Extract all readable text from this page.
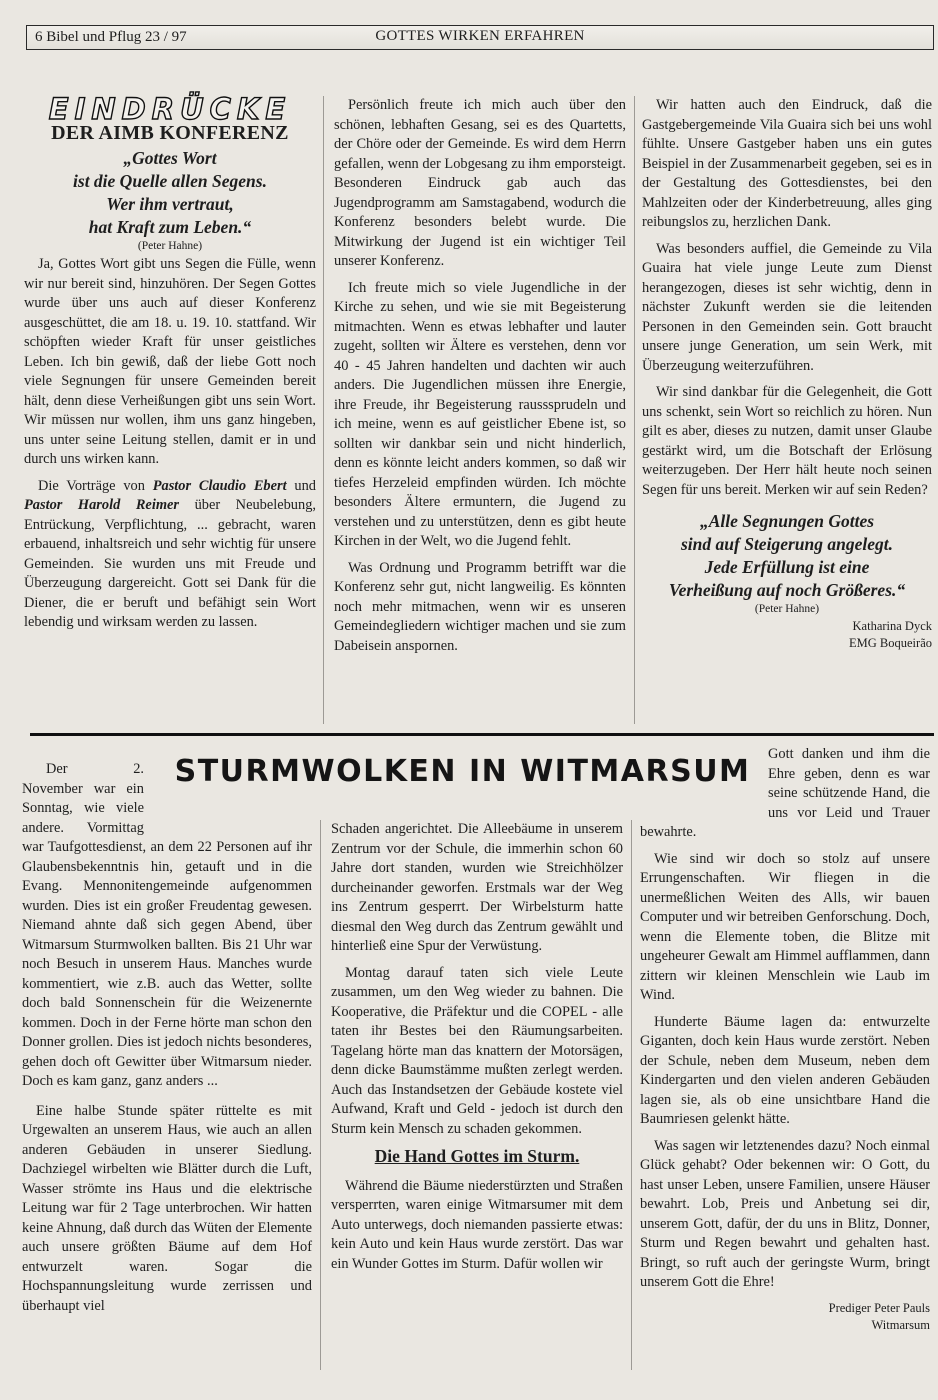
6 Bibel und Pflug 23 / 97	GOTTES WIRKEN ERFAHREN
EINDRÜCKE
DER AIMB KONFERENZ
„Gottes Wort
ist die Quelle allen Segens.
Wer ihm vertraut,
hat Kraft zum Leben.“
(Peter Hahne)

Ja, Gottes Wort gibt uns Segen die Fülle, wenn wir nur bereit sind, hinzuhören. Der Segen Gottes wurde über uns auch auf dieser Konferenz ausgeschüttet, die am 18. u. 19. 10. stattfand. Wir schöpften wieder Kraft für unser geistliches Leben. Ich bin gewiß, daß der liebe Gott noch viele Segnungen für unsere Gemeinden bereit hält, denn diese Verheißungen gibt uns sein Wort. Wir müssen nur wollen, ihm uns ganz hingeben, uns unter seine Leitung stellen, damit er in und durch uns wirken kann.

Die Vorträge von Pastor Claudio Ebert und Pastor Harold Reimer über Neubelebung, Entrückung, Verpflichtung, ... gebracht, waren erbauend, inhaltsreich und sehr wichtig für unsere Gemeinden. Sie wurden uns mit Freude und Überzeugung dargereicht. Gott sei Dank für die Diener, die er beruft und befähigt sein Wort lebendig und wirksam werden zu lassen.

Persönlich freute ich mich auch über den schönen, lebhaften Gesang, sei es des Quartetts, der Chöre oder der Gemeinde. Es wird dem Herrn gefallen, wenn der Lobgesang zu ihm emporsteigt. Besonderen Eindruck gab auch das Jugendprogramm am Samstagabend, wodurch die Konferenz besonders belebt wurde. Die Mitwirkung der Jugend ist ein wichtiger Teil unserer Konferenz.

Ich freute mich so viele Jugendliche in der Kirche zu sehen, und wie sie mit Begeisterung mitmachten. Wenn es etwas lebhafter und lauter zugeht, sollten wir Ältere es verstehen, denn vor 40 - 45 Jahren handelten und dachten wir auch anders. Die Jugendlichen müssen ihre Energie, ihre Freude, ihr Begeisterung rausssprudeln und ich meine, wenn es auf geistlicher Ebene ist, so sollten wir dankbar sein und nicht hinderlich, denn es könnte leicht anders kommen, so daß wir tiefes Herzeleid empfinden würden. Ich möchte besonders Ältere ermuntern, die Jugend zu verstehen und zu unterstützen, denn es gibt heute Kirchen in der Welt, wo die Jugend fehlt.

Was Ordnung und Programm betrifft war die Konferenz sehr gut, nicht langweilig. Es könnten noch mehr mitmachen, wenn wir es unseren Gemeindegliedern wichtiger machen und sie zum Dabeisein anspornen.

Wir hatten auch den Eindruck, daß die Gastgebergemeinde Vila Guaira sich bei uns wohl fühlte. Unsere Gastgeber haben uns ein gutes Beispiel in der Zusammenarbeit gegeben, sei es in der Gestaltung des Gottesdienstes, bei den Mahlzeiten oder der Kinderbetreuung, alles ging reibungslos zu, herzlichen Dank.

Was besonders auffiel, die Gemeinde zu Vila Guaira hat viele junge Leute zum Dienst herangezogen, dieses ist sehr wichtig, denn in nächster Zukunft werden sie die leitenden Personen in den Gemeinden sein. Gott braucht unsere junge Generation, um sein Werk, mit Überzeugung weiterzuführen.

Wir sind dankbar für die Gelegenheit, die Gott uns schenkt, sein Wort so reichlich zu hören. Nun gilt es aber, dieses zu nutzen, damit unser Glaube gestärkt wird, um die Botschaft der Erlösung weiterzugeben. Der Herr hält heute noch seinen Segen für uns bereit. Merken wir auf sein Reden?

„Alle Segnungen Gottes
sind auf Steigerung angelegt.
Jede Erfüllung ist eine
Verheißung auf noch Größeres.“
(Peter Hahne)
Katharina Dyck
EMG Boqueirão
STURMWOLKEN IN WITMARSUM

Der 2. November war ein Sonntag, wie viele andere. Vormittag war Taufgottesdienst, an dem 22 Personen auf ihr Glaubensbekenntnis hin, getauft und in die Evang. Mennonitengemeinde aufgenommen wurden. Dies ist ein großer Freudentag gewesen. Niemand ahnte daß sich gegen Abend, über Witmarsum Sturmwolken ballten. Bis 21 Uhr war noch Besuch in unserem Haus. Manches wurde kommentiert, wie z.B. auch das Wetter, sollte doch bald Sonnenschein für die Weizenernte kommen. Doch in der Ferne hörte man schon den Donner grollen. Dies ist jedoch nichts besonderes, gehen doch oft Gewitter über Witmarsum nieder. Doch es kam ganz, ganz anders ...

Eine halbe Stunde später rüttelte es mit Urgewalten an unserem Haus, wie auch an allen anderen Gebäuden in unserer Siedlung. Dachziegel wirbelten wie Blätter durch die Luft, Wasser strömte ins Haus und die elektrische Leitung war für 2 Tage unterbrochen. Wir hatten keine Ahnung, daß durch das Wüten der Elemente auch unsere größten Bäume auf dem Hof entwurzelt waren. Sogar die Hochspannungsleitung wurde zerrissen und überhaupt viel

Schaden angerichtet. Die Alleebäume in unserem Zentrum vor der Schule, die immerhin schon 60 Jahre dort standen, wurden wie Streichhölzer durcheinander geworfen. Erstmals war der Weg ins Zentrum gesperrt. Der Wirbelsturm hatte diesmal den Weg durch das Zentrum gewählt und hinterließ eine Spur der Verwüstung.

Montag darauf taten sich viele Leute zusammen, um den Weg wieder zu bahnen. Die Kooperative, die Präfektur und die COPEL - alle taten ihr Bestes bei den Räumungsarbeiten. Tagelang hörte man das knattern der Motorsägen, denn dicke Baumstämme mußten zerlegt werden. Auch das Instandsetzen der Gebäude kostete viel Aufwand, Kraft und Geld - jedoch ist durch den Sturm kein Mensch zu schaden gekommen.

Die Hand Gottes im Sturm.

Während die Bäume niederstürzten und Straßen versperrten, waren einige Witmarsumer mit dem Auto unterwegs, doch niemanden passierte etwas: kein Auto und kein Haus wurde zerstört. Das war ein Wunder Gottes im Sturm. Dafür wollen wir

Gott danken und ihm die Ehre geben, denn es war seine schützende Hand, die uns vor Leid und Trauer bewahrte.

Wie sind wir doch so stolz auf unsere Errungenschaften. Wir fliegen in die unermeßlichen Weiten des Alls, wir bauen Computer und wir betreiben Genforschung. Doch, wenn die Elemente toben, die Blitze mit ungeheurer Gewalt am Himmel aufflammen, dann zittern wir kleinen Menschlein wie Laub im Wind.

Hunderte Bäume lagen da: entwurzelte Giganten, doch kein Haus wurde zerstört. Neben der Schule, neben dem Museum, neben dem Kindergarten und den vielen anderen Gebäuden lagen sie, als ob eine unsichtbare Hand die Baumriesen gelenkt hätte.

Was sagen wir letztenendes dazu? Noch einmal Glück gehabt? Oder bekennen wir: O Gott, du hast unser Leben, unsere Familien, unsere Häuser bewahrt. Lob, Preis und Anbetung sei dir, unserem Gott, dafür, der du uns in Blitz, Donner, Sturm und Regen bewahrt und gehalten hast. Bringt, so ruft auch der geringste Wurm, bringt unserem Gott die Ehre!

Prediger Peter Pauls
Witmarsum
